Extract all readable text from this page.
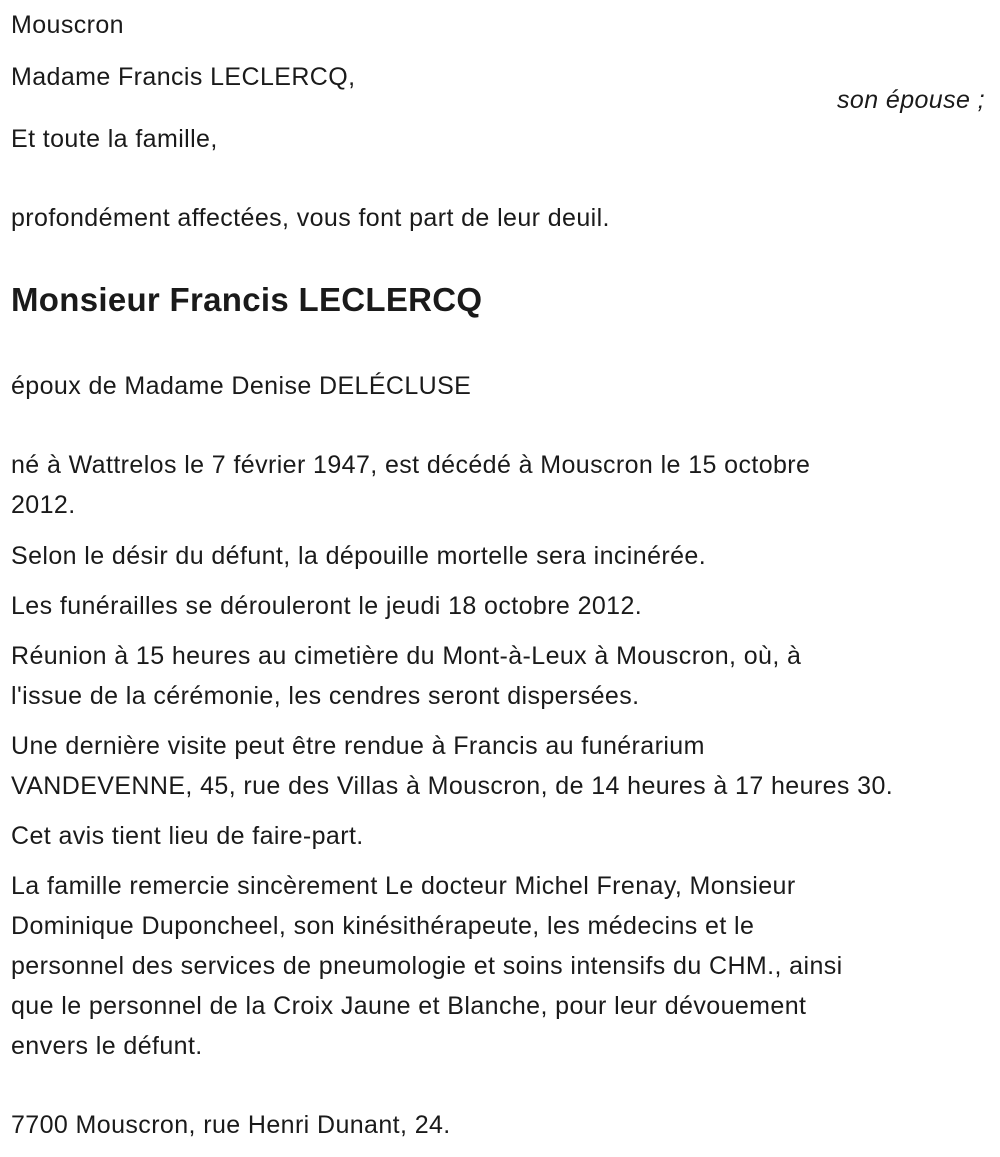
Mouscron
Madame Francis LECLERCQ,
son épouse ;
Et toute la famille,
profondément affectées, vous font part de leur deuil.
Monsieur Francis LECLERCQ
époux de Madame Denise DELÉCLUSE
né à Wattrelos le 7 février 1947, est décédé à Mouscron le 15 octobre
2012.
Selon le désir du défunt, la dépouille mortelle sera incinérée.
Les funérailles se dérouleront le jeudi 18 octobre 2012.
Réunion à 15 heures au cimetière du Mont-à-Leux à Mouscron, où, à
l'issue de la cérémonie, les cendres seront dispersées.
Une dernière visite peut être rendue à Francis au funérarium
VANDEVENNE, 45, rue des Villas à Mouscron, de 14 heures à 17 heures 30.
Cet avis tient lieu de faire-part.
La famille remercie sincèrement Le docteur Michel Frenay, Monsieur
Dominique Duponcheel, son kinésithérapeute, les médecins et le
personnel des services de pneumologie et soins intensifs du CHM., ainsi
que le personnel de la Croix Jaune et Blanche, pour leur dévouement
envers le défunt.
7700 Mouscron, rue Henri Dunant, 24.
